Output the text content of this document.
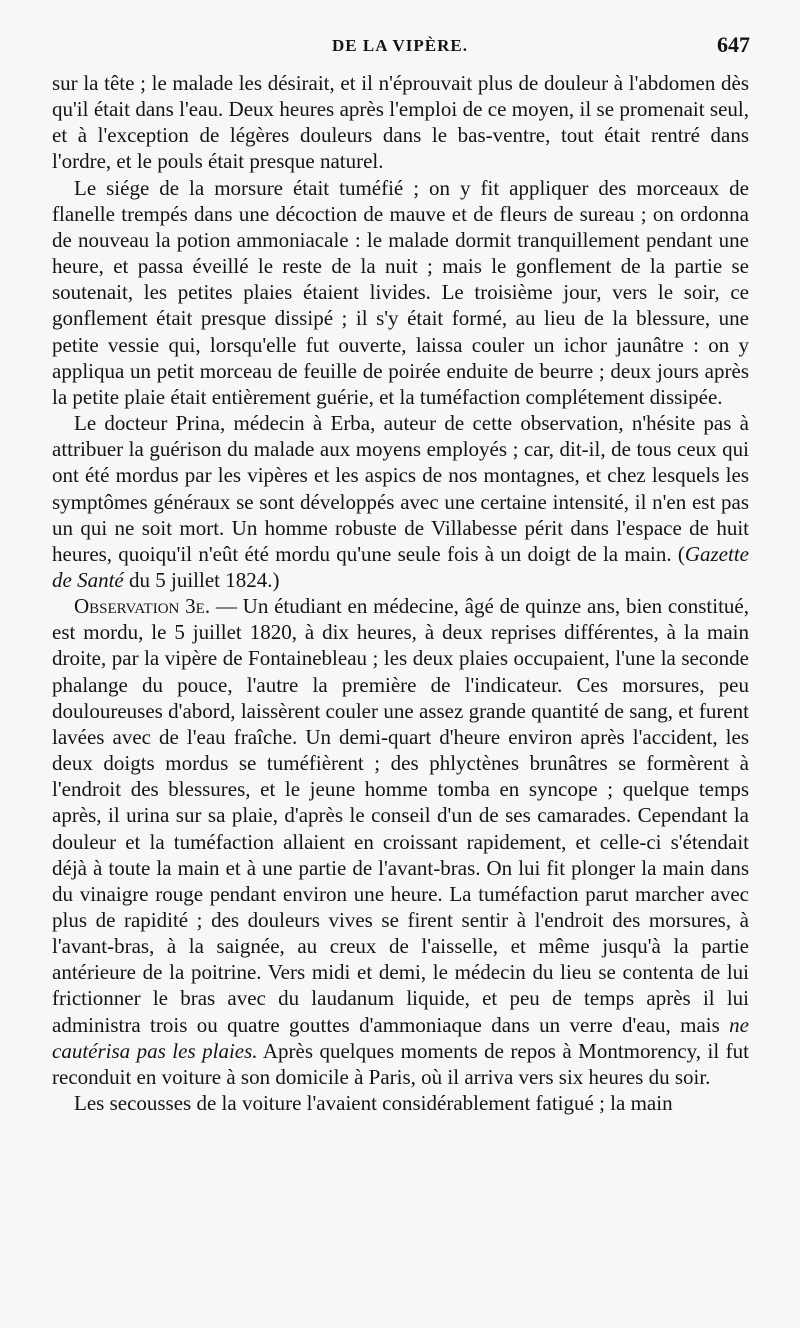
DE LA VIPÈRE.	647

sur la tête ; le malade les désirait, et il n'éprouvait plus de douleur à l'abdomen dès qu'il était dans l'eau. Deux heures après l'emploi de ce moyen, il se promenait seul, et à l'exception de légères douleurs dans le bas-ventre, tout était rentré dans l'ordre, et le pouls était presque naturel.

Le siége de la morsure était tuméfié ; on y fit appliquer des morceaux de flanelle trempés dans une décoction de mauve et de fleurs de sureau ; on ordonna de nouveau la potion ammoniacale : le malade dormit tranquillement pendant une heure, et passa éveillé le reste de la nuit ; mais le gonflement de la partie se soutenait, les petites plaies étaient livides. Le troisième jour, vers le soir, ce gonflement était presque dissipé ; il s'y était formé, au lieu de la blessure, une petite vessie qui, lorsqu'elle fut ouverte, laissa couler un ichor jaunâtre : on y appliqua un petit morceau de feuille de poirée enduite de beurre ; deux jours après la petite plaie était entièrement guérie, et la tuméfaction complétement dissipée.

Le docteur Prina, médecin à Erba, auteur de cette observation, n'hésite pas à attribuer la guérison du malade aux moyens employés ; car, dit-il, de tous ceux qui ont été mordus par les vipères et les aspics de nos montagnes, et chez lesquels les symptômes généraux se sont développés avec une certaine intensité, il n'en est pas un qui ne soit mort. Un homme robuste de Villabesse périt dans l'espace de huit heures, quoiqu'il n'eût été mordu qu'une seule fois à un doigt de la main. (Gazette de Santé du 5 juillet 1824.)

Observation 3e. — Un étudiant en médecine, âgé de quinze ans, bien constitué, est mordu, le 5 juillet 1820, à dix heures, à deux reprises différentes, à la main droite, par la vipère de Fontainebleau ; les deux plaies occupaient, l'une la seconde phalange du pouce, l'autre la première de l'indicateur. Ces morsures, peu douloureuses d'abord, laissèrent couler une assez grande quantité de sang, et furent lavées avec de l'eau fraîche. Un demi-quart d'heure environ après l'accident, les deux doigts mordus se tuméfièrent ; des phlyctènes brunâtres se formèrent à l'endroit des blessures, et le jeune homme tomba en syncope ; quelque temps après, il urina sur sa plaie, d'après le conseil d'un de ses camarades. Cependant la douleur et la tuméfaction allaient en croissant rapidement, et celle-ci s'étendait déjà à toute la main et à une partie de l'avant-bras. On lui fit plonger la main dans du vinaigre rouge pendant environ une heure. La tuméfaction parut marcher avec plus de rapidité ; des douleurs vives se firent sentir à l'endroit des morsures, à l'avant-bras, à la saignée, au creux de l'aisselle, et même jusqu'à la partie antérieure de la poitrine. Vers midi et demi, le médecin du lieu se contenta de lui frictionner le bras avec du laudanum liquide, et peu de temps après il lui administra trois ou quatre gouttes d'ammoniaque dans un verre d'eau, mais ne cautérisa pas les plaies. Après quelques moments de repos à Montmorency, il fut reconduit en voiture à son domicile à Paris, où il arriva vers six heures du soir.

Les secousses de la voiture l'avaient considérablement fatigué ; la main
